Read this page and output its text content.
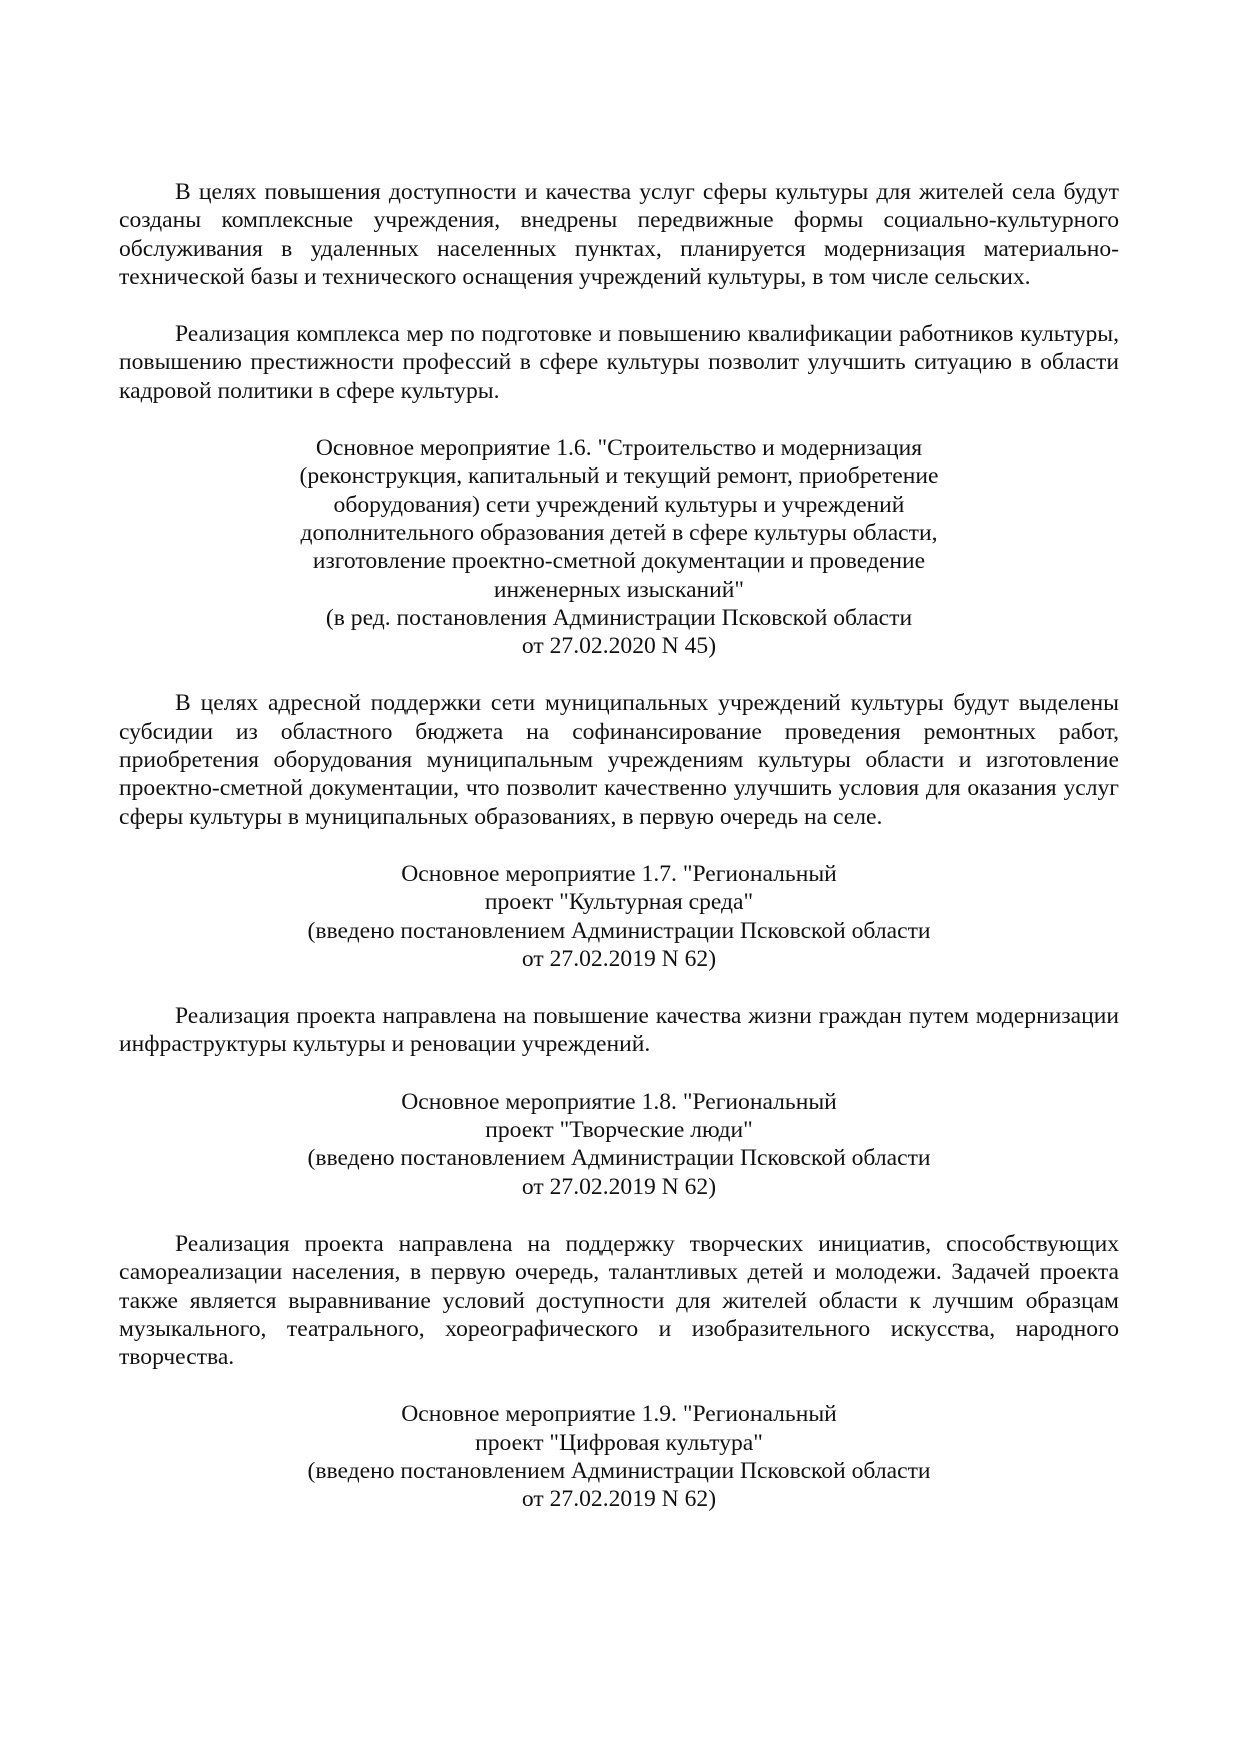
В целях повышения доступности и качества услуг сферы культуры для жителей села будут созданы комплексные учреждения, внедрены передвижные формы социально-культурного обслуживания в удаленных населенных пунктах, планируется модернизация материально-технической базы и технического оснащения учреждений культуры, в том числе сельских.

Реализация комплекса мер по подготовке и повышению квалификации работников культуры, повышению престижности профессий в сфере культуры позволит улучшить ситуацию в области кадровой политики в сфере культуры.

Основное мероприятие 1.6. "Строительство и модернизация
(реконструкция, капитальный и текущий ремонт, приобретение
оборудования) сети учреждений культуры и учреждений
дополнительного образования детей в сфере культуры области,
изготовление проектно-сметной документации и проведение
инженерных изысканий"
(в ред. постановления Администрации Псковской области
от 27.02.2020 N 45)

В целях адресной поддержки сети муниципальных учреждений культуры будут выделены субсидии из областного бюджета на софинансирование проведения ремонтных работ, приобретения оборудования муниципальным учреждениям культуры области и изготовление проектно-сметной документации, что позволит качественно улучшить условия для оказания услуг сферы культуры в муниципальных образованиях, в первую очередь на селе.

Основное мероприятие 1.7. "Региональный
проект "Культурная среда"
(введено постановлением Администрации Псковской области
от 27.02.2019 N 62)

Реализация проекта направлена на повышение качества жизни граждан путем модернизации инфраструктуры культуры и реновации учреждений.

Основное мероприятие 1.8. "Региональный
проект "Творческие люди"
(введено постановлением Администрации Псковской области
от 27.02.2019 N 62)

Реализация проекта направлена на поддержку творческих инициатив, способствующих самореализации населения, в первую очередь, талантливых детей и молодежи. Задачей проекта также является выравнивание условий доступности для жителей области к лучшим образцам музыкального, театрального, хореографического и изобразительного искусства, народного творчества.

Основное мероприятие 1.9. "Региональный
проект "Цифровая культура"
(введено постановлением Администрации Псковской области
от 27.02.2019 N 62)
